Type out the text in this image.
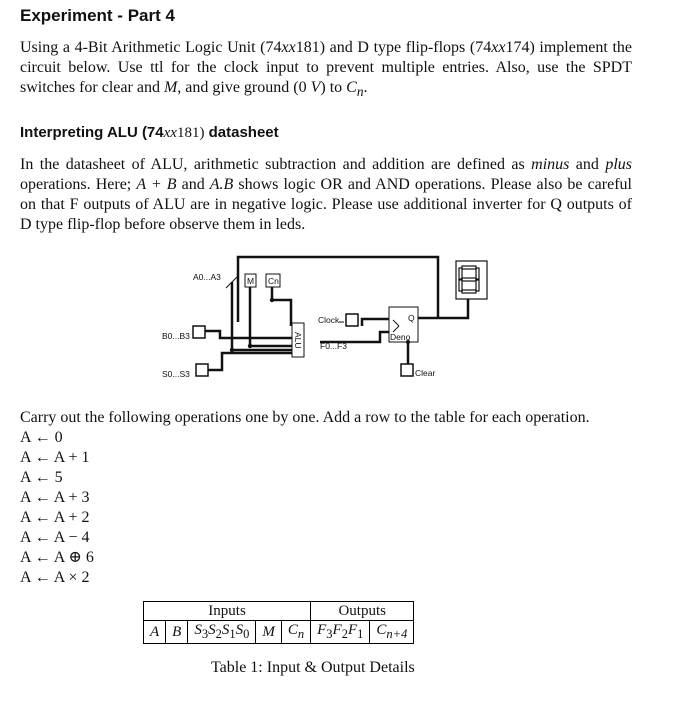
Experiment - Part 4

Using a 4-Bit Arithmetic Logic Unit (74xx181) and D type flip-flops (74xx174) implement the circuit below. Use ttl for the clock input to prevent multiple entries. Also, use the SPDT switches for clear and M, and give ground (0 V) to $C_n$.

Interpreting ALU (74xx181) datasheet

In the datasheet of ALU, arithmetic subtraction and addition are defined as minus and plus operations. Here; A + B and A.B shows logic OR and AND operations. Please also be careful on that F outputs of ALU are in negative logic. Please use additional inverter for Q outputs of D type flip-flop before observe them in leds.

A0...A3	M Cn
B0...B3
S0...S3
ALU
Clock
F0...F3
Q
Deno
Clear

Carry out the following operations one by one. Add a row to the table for each operation.

A ← 0
A ← A + 1
A ← 5
A ← A + 3
A ← A + 2
A ← A − 4
A ← A ⊕ 6
A ← A × 2
Inputs					Outputs	
A	B	$S_3S_2S_1S_0$	M	$C_n$	$F_3F_2F_1$	$C_{n+4}$
Table 1: Input & Output Details
